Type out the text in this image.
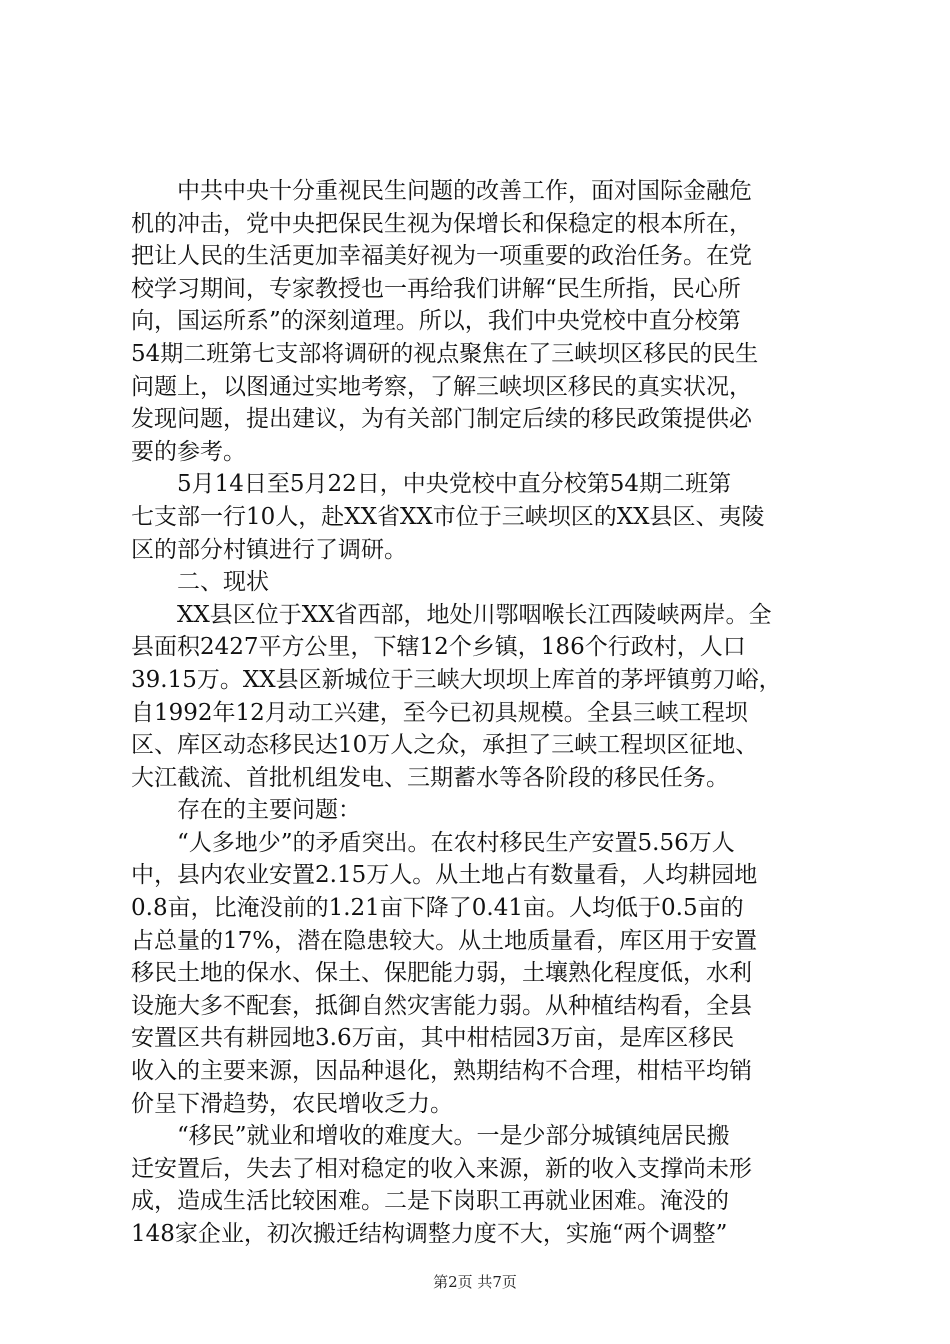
　　中共中央十分重视民生问题的改善工作，面对国际金融危
机的冲击，党中央把保民生视为保增长和保稳定的根本所在，
把让人民的生活更加幸福美好视为一项重要的政治任务。在党
校学习期间，专家教授也一再给我们讲解“民生所指，民心所
向，国运所系”的深刻道理。所以，我们中央党校中直分校第
54期二班第七支部将调研的视点聚焦在了三峡坝区移民的民生
问题上，以图通过实地考察，了解三峡坝区移民的真实状况，
发现问题，提出建议，为有关部门制定后续的移民政策提供必
要的参考。
　　5月14日至5月22日，中央党校中直分校第54期二班第
七支部一行10人，赴XX省XX市位于三峡坝区的XX县区、夷陵
区的部分村镇进行了调研。
　　二、现状
　　XX县区位于XX省西部，地处川鄂咽喉长江西陵峡两岸。全
县面积2427平方公里，下辖12个乡镇，186个行政村，人口
39.15万。XX县区新城位于三峡大坝坝上库首的茅坪镇剪刀峪，
自1992年12月动工兴建，至今已初具规模。全县三峡工程坝
区、库区动态移民达10万人之众，承担了三峡工程坝区征地、
大江截流、首批机组发电、三期蓄水等各阶段的移民任务。
　　存在的主要问题：
　　“人多地少”的矛盾突出。在农村移民生产安置5.56万人
中，县内农业安置2.15万人。从土地占有数量看，人均耕园地
0.8亩，比淹没前的1.21亩下降了0.41亩。人均低于0.5亩的
占总量的17%，潜在隐患较大。从土地质量看，库区用于安置
移民土地的保水、保土、保肥能力弱，土壤熟化程度低，水利
设施大多不配套，抵御自然灾害能力弱。从种植结构看，全县
安置区共有耕园地3.6万亩，其中柑桔园3万亩，是库区移民
收入的主要来源，因品种退化，熟期结构不合理，柑桔平均销
价呈下滑趋势，农民增收乏力。
　　“移民”就业和增收的难度大。一是少部分城镇纯居民搬
迁安置后，失去了相对稳定的收入来源，新的收入支撑尚未形
成，造成生活比较困难。二是下岗职工再就业困难。淹没的
148家企业，初次搬迁结构调整力度不大，实施“两个调整”
第2页 共7页
